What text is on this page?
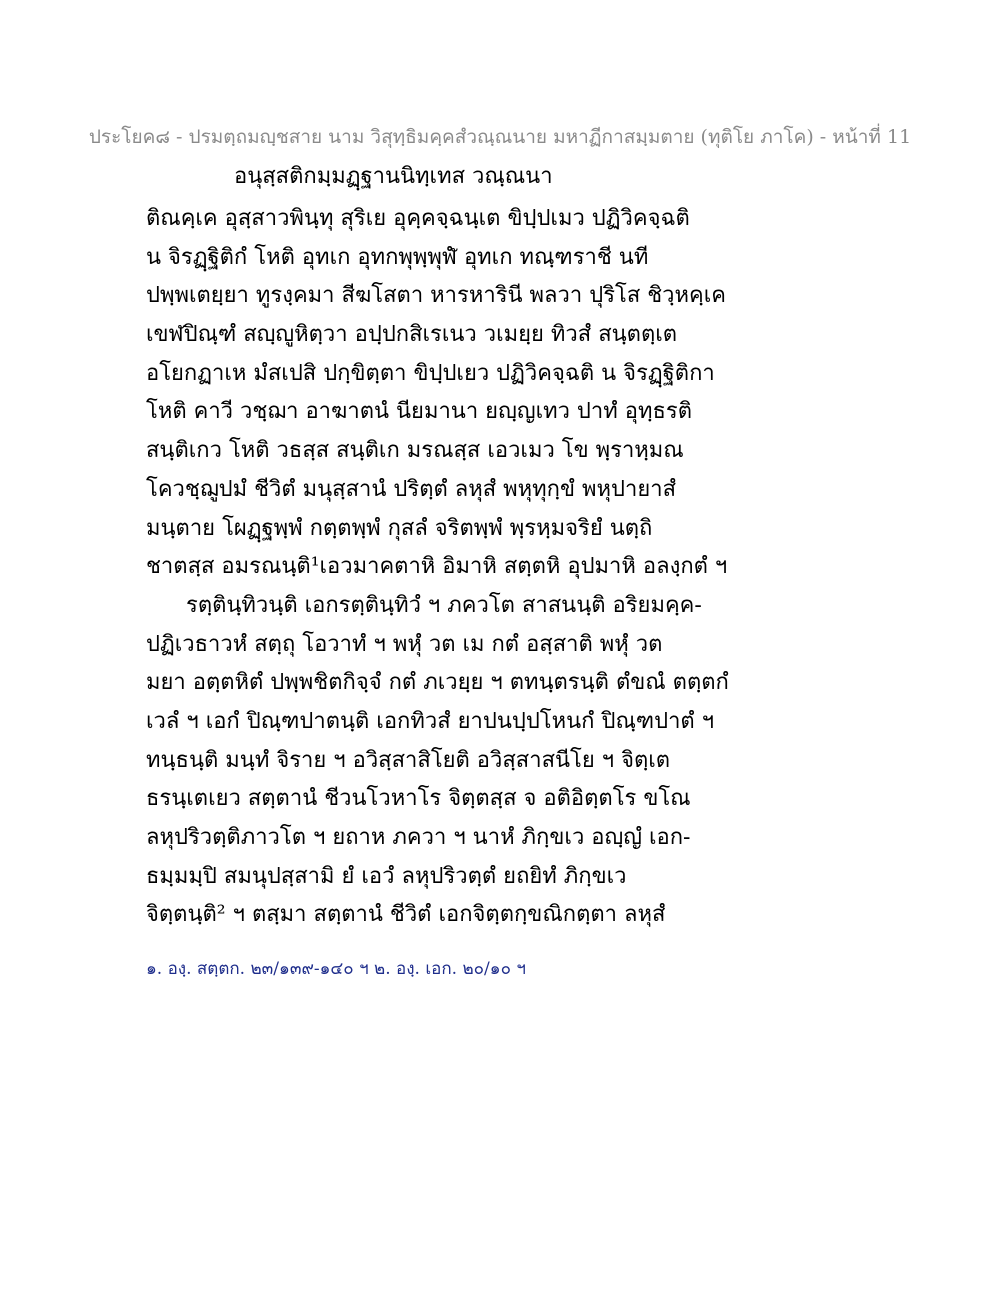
ประโยค๘ - ปรมตฺถมญฺชสาย นาม วิสุทฺธิมคฺคสํวณฺณนาย มหาฏีกาสมฺมตาย (ทุติโย ภาโค) - หน้าที่ 11
อนุสฺสติกมฺมฏฺฐานนิทฺเทส วณฺณนา
ติณคฺเค อุสฺสาวพินฺทุ สุริเย อุคฺคจฺฉนฺเต ขิปฺปเมว ปฏิวิคจฺฉติ
น จิรฏฺฐิติกํ โหติ อุทเก อุทกพุพฺพุฬํ อุทเก ทณฺฑราชี นที
ปพฺพเตยฺยา ทูรงฺคมา สีฆโสตา หารหารินี พลวา ปุริโส ชิวฺหคฺเค
เขฬปิณฺฑํ สญฺญูหิตฺวา อปฺปกสิเรเนว วเมยฺย ทิวสํ สนฺตตฺเต
อโยกฏาเห มํสเปสิ ปกฺขิตฺตา ขิปฺปเยว ปฏิวิคจฺฉติ น จิรฏฺฐิติกา
โหติ คาวี วชฺฌา อาฆาตนํ นียมานา ยญฺญเทว ปาทํ อุทฺธรติ
สนฺติเกว โหติ วธสฺส สนฺติเก มรณสฺส เอวเมว โข พฺราหฺมณ
โควชฺฌูปมํ ชีวิตํ มนุสฺสานํ ปริตฺตํ ลหุสํ พหุทุกฺขํ พหุปายาสํ
มนฺตาย โผฏฺฐพฺพํ กตฺตพฺพํ กุสลํ จริตพฺพํ พฺรหฺมจริยํ นตฺถิ
ชาตสฺส อมรณนฺติ¹เอวมาคตาหิ อิมาหิ สตฺตหิ อุปมาหิ อลงฺกตํ ฯ
รตฺตินฺทิวนฺติ เอกรตฺตินฺทิวํ ฯ ภควโต สาสนนฺติ อริยมคฺค-
ปฏิเวธาวหํ สตฺถุ โอวาทํ ฯ พหุํ วต เม กตํ อสฺสาติ พหุํ วต
มยา อตฺตหิตํ ปพฺพชิตกิจฺจํ กตํ ภเวยฺย ฯ ตทนฺตรนฺติ ตํขณํ ตตฺตกํ
เวลํ ฯ เอกํ ปิณฺฑปาตนฺติ เอกทิวสํ ยาปนปฺปโหนกํ ปิณฺฑปาตํ ฯ
ทนฺธนฺติ มนฺทํ จิราย ฯ อวิสฺสาสิโยติ อวิสฺสาสนีโย ฯ จิตฺเต
ธรนฺเตเยว สตฺตานํ ชีวนโวหาโร จิตฺตสฺส จ อติอิตฺตโร ขโณ
ลหุปริวตฺติภาวโต ฯ ยถาห ภควา ฯ นาหํ ภิกฺขเว อญฺญํ เอก-
ธมฺมมฺปิ สมนุปสฺสามิ ยํ เอวํ ลหุปริวตฺตํ ยถยิทํ ภิกฺขเว
จิตฺตนฺติ² ฯ ตสฺมา สตฺตานํ ชีวิตํ เอกจิตฺตกฺขณิกตฺตา ลหุสํ
๑. องฺ. สตฺตก. ๒๓/๑๓๙-๑๔๐ ฯ ๒. องฺ. เอก. ๒๐/๑๐ ฯ
